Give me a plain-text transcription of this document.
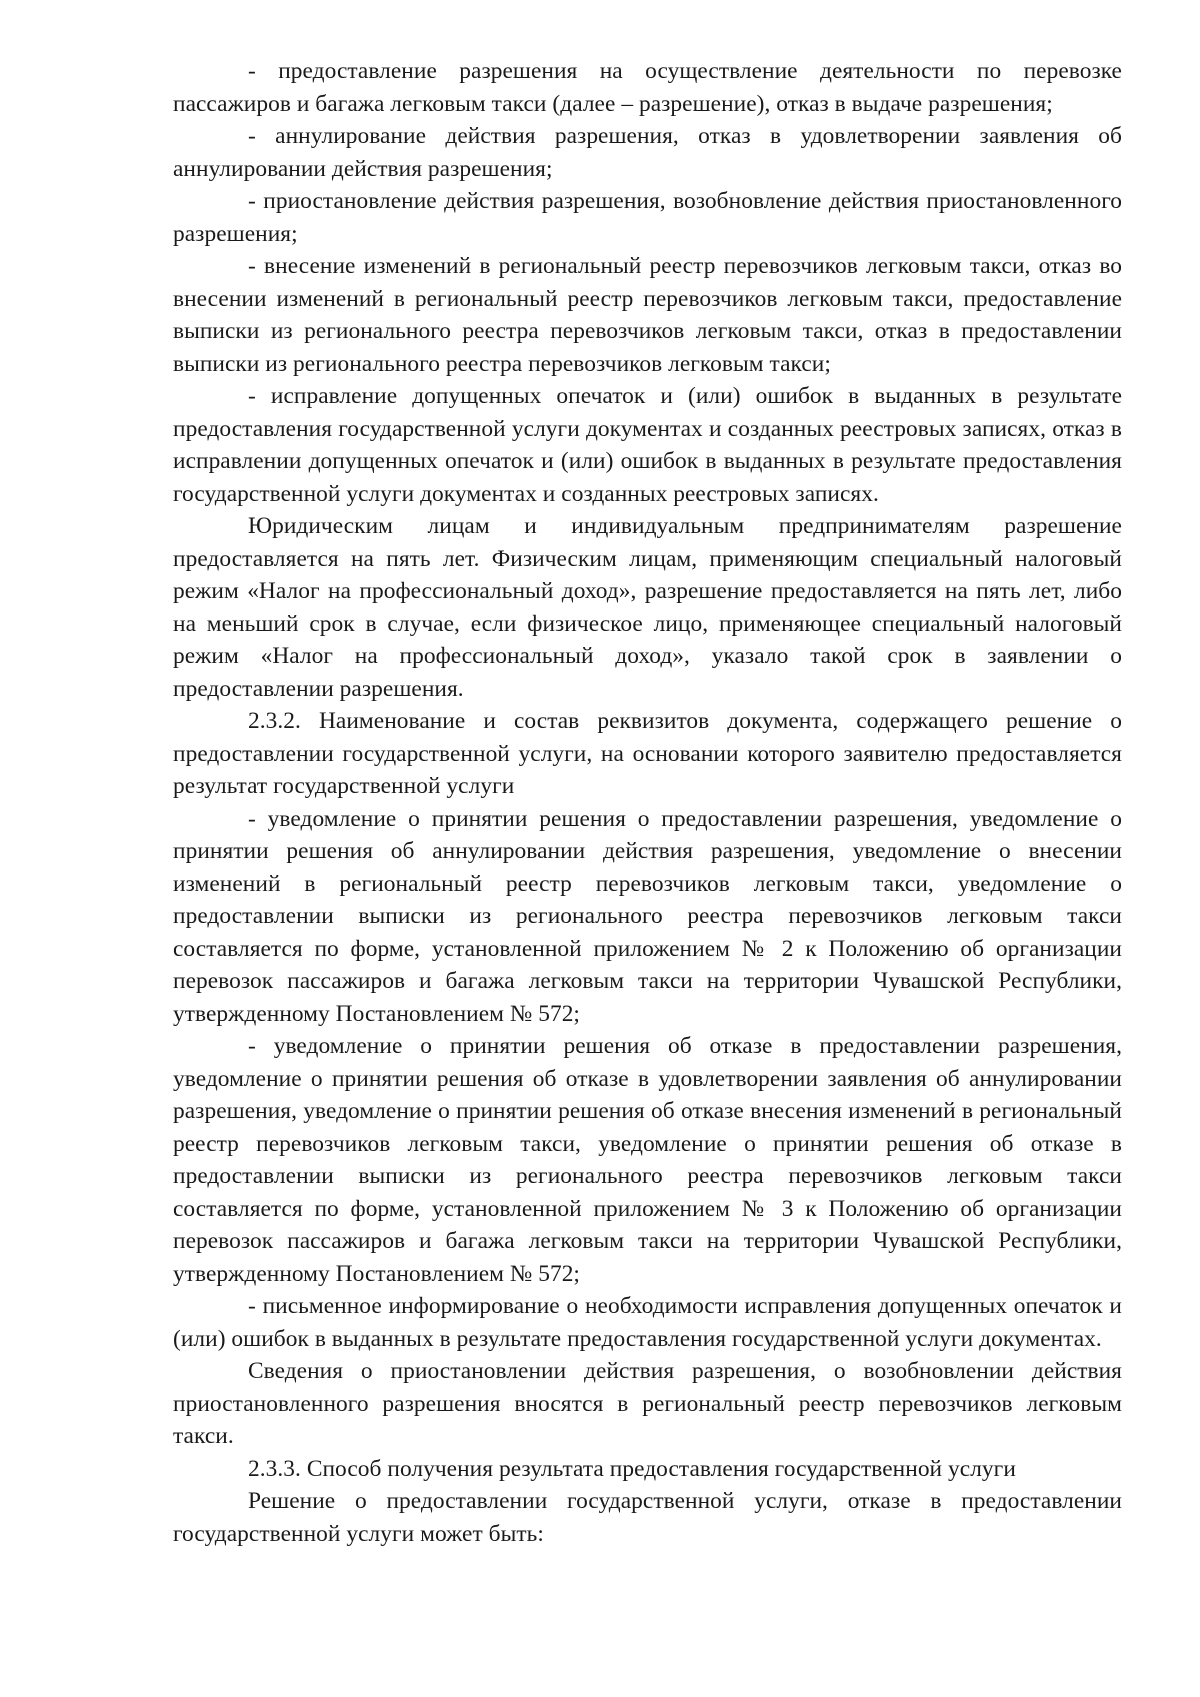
- предоставление разрешения на осуществление деятельности по перевозке пассажиров и багажа легковым такси (далее – разрешение), отказ в выдаче разрешения;

- аннулирование действия разрешения, отказ в удовлетворении заявления об аннулировании действия разрешения;

- приостановление действия разрешения, возобновление действия приостановленного разрешения;

- внесение изменений в региональный реестр перевозчиков легковым такси, отказ во внесении изменений в региональный реестр перевозчиков легковым такси, предоставление выписки из регионального реестра перевозчиков легковым такси, отказ в предоставлении выписки из регионального реестра перевозчиков легковым такси;

- исправление допущенных опечаток и (или) ошибок в выданных в результате предоставления государственной услуги документах и созданных реестровых записях, отказ в исправлении допущенных опечаток и (или) ошибок в выданных в результате предоставления государственной услуги документах и созданных реестровых записях.

Юридическим лицам и индивидуальным предпринимателям разрешение предоставляется на пять лет. Физическим лицам, применяющим специальный налоговый режим «Налог на профессиональный доход», разрешение предоставляется на пять лет, либо на меньший срок в случае, если физическое лицо, применяющее специальный налоговый режим «Налог на профессиональный доход», указало такой срок в заявлении о предоставлении разрешения.

2.3.2. Наименование и состав реквизитов документа, содержащего решение о предоставлении государственной услуги, на основании которого заявителю предоставляется результат государственной услуги

- уведомление о принятии решения о предоставлении разрешения, уведомление о принятии решения об аннулировании действия разрешения, уведомление о внесении изменений в региональный реестр перевозчиков легковым такси, уведомление о предоставлении выписки из регионального реестра перевозчиков легковым такси составляется по форме, установленной приложением № 2 к Положению об организации перевозок пассажиров и багажа легковым такси на территории Чувашской Республики, утвержденному Постановлением № 572;

- уведомление о принятии решения об отказе в предоставлении разрешения, уведомление о принятии решения об отказе в удовлетворении заявления об аннулировании разрешения, уведомление о принятии решения об отказе внесения изменений в региональный реестр перевозчиков легковым такси, уведомление о принятии решения об отказе в предоставлении выписки из регионального реестра перевозчиков легковым такси составляется по форме, установленной приложением № 3 к Положению об организации перевозок пассажиров и багажа легковым такси на территории Чувашской Республики, утвержденному Постановлением № 572;

- письменное информирование о необходимости исправления допущенных опечаток и (или) ошибок в выданных в результате предоставления государственной услуги документах.

Сведения о приостановлении действия разрешения, о возобновлении действия приостановленного разрешения вносятся в региональный реестр перевозчиков легковым такси.

2.3.3. Способ получения результата предоставления государственной услуги

Решение о предоставлении государственной услуги, отказе в предоставлении государственной услуги может быть:
